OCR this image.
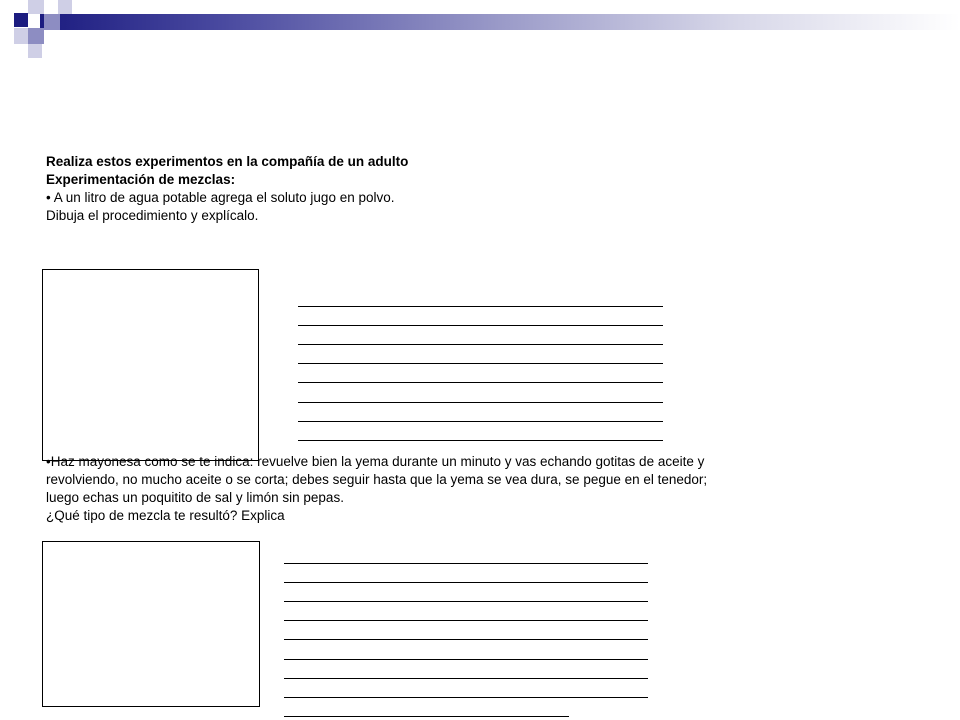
Realiza estos experimentos en la compañía de un adulto
Experimentación de mezclas:
• A un litro de agua potable agrega el soluto jugo en polvo.
Dibuja el procedimiento y explícalo.
•Haz mayonesa como se te indica: revuelve bien la yema durante un minuto y vas echando gotitas de aceite y
revolviendo, no mucho aceite o se corta; debes seguir hasta que la yema se vea dura, se pegue en el tenedor;
luego echas un poquitito de sal y limón sin pepas.
¿Qué tipo de mezcla te resultó? Explica
